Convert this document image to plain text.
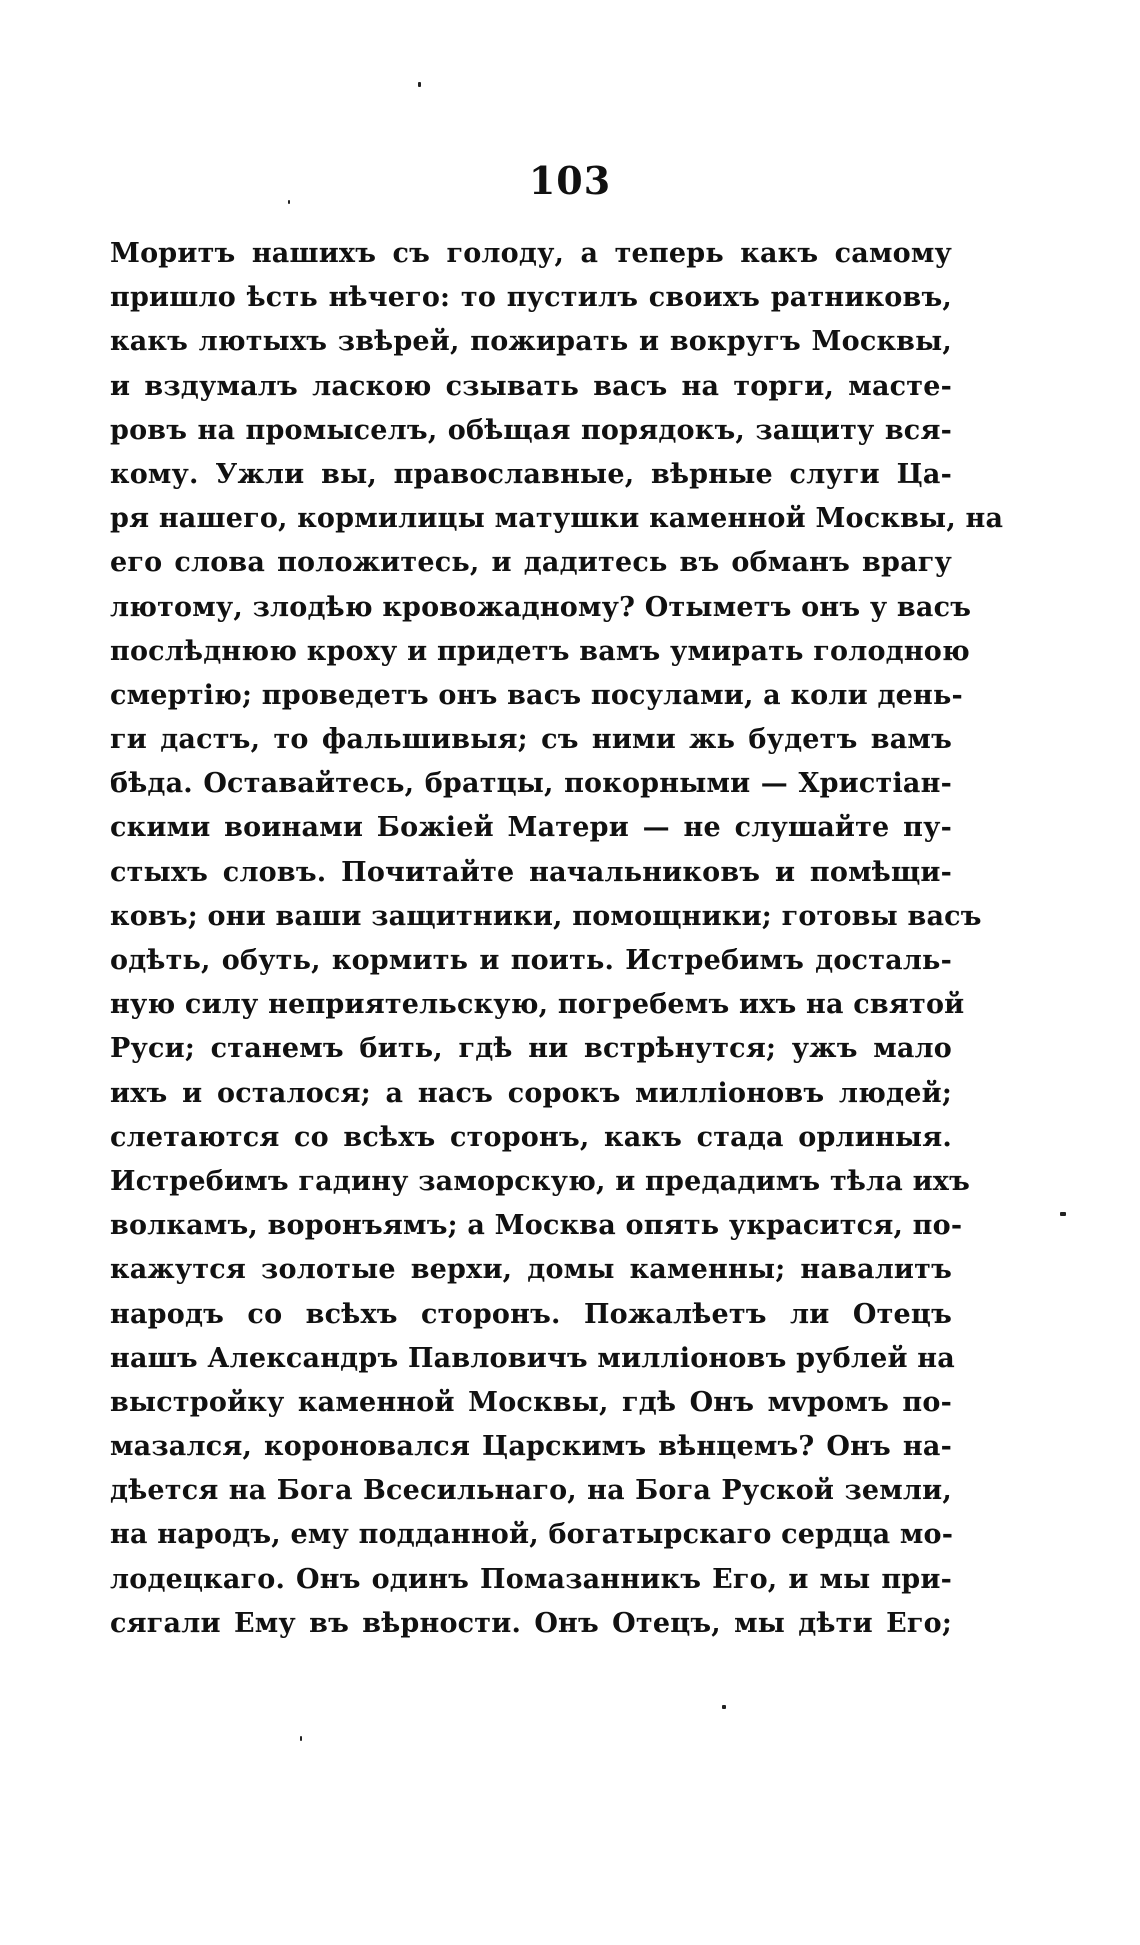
103
Моритъ нашихъ съ голоду, а теперь какъ самому
пришло ѣсть нѣчего: то пустилъ своихъ ратниковъ,
какъ лютыхъ звѣрей, пожирать и вокругъ Москвы,
и вздумалъ ласкою сзывать васъ на торги, масте-
ровъ на промыселъ, обѣщая порядокъ, защиту вся-
кому. Ужли вы, православные, вѣрные слуги Ца-
ря нашего, кормилицы матушки каменной Москвы, на
его слова положитесь, и дадитесь въ обманъ врагу
лютому, злодѣю кровожадному? Отыметъ онъ у васъ
послѣднюю кроху и придетъ вамъ умирать голодною
смертію; проведетъ онъ васъ посулами, а коли день-
ги дастъ, то фальшивыя; съ ними жь будетъ вамъ
бѣда. Оставайтесь, братцы, покорными — Христіан-
скими воинами Божіей Матери — не слушайте пу-
стыхъ словъ. Почитайте начальниковъ и помѣщи-
ковъ; они ваши защитники, помощники; готовы васъ
одѣть, обуть, кормить и поить. Истребимъ досталь-
ную силу неприятельскую, погребемъ ихъ на святой
Руси; станемъ бить, гдѣ ни встрѣнутся; ужъ мало
ихъ и осталося; а насъ сорокъ милліоновъ людей;
слетаются со всѣхъ сторонъ, какъ стада орлиныя.
Истребимъ гадину заморскую, и предадимъ тѣла ихъ
волкамъ, воронъямъ; а Москва опять украсится, по-
кажутся золотые верхи, домы каменны; навалитъ
народъ со всѣхъ сторонъ. Пожалѣетъ ли Отецъ
нашъ Александръ Павловичъ милліоновъ рублей на
выстройку каменной Москвы, гдѣ Онъ мvромъ по-
мазался, короновался Царскимъ вѣнцемъ? Онъ на-
дѣется на Бога Всесильнаго, на Бога Руской земли,
на народъ, ему подданной, богатырскаго сердца мо-
лодецкаго. Онъ одинъ Помазанникъ Его, и мы при-
сягали Ему въ вѣрности. Онъ Отецъ, мы дѣти Его;
